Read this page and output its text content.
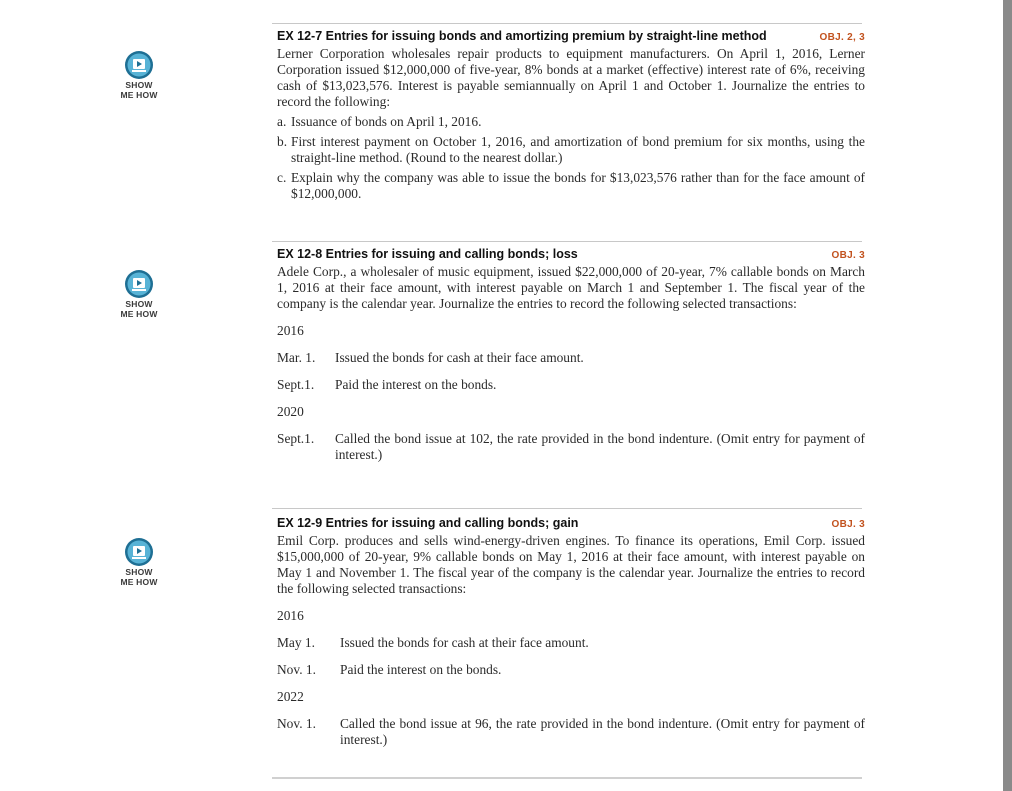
SHOW
ME HOW
EX 12-7 Entries for issuing bonds and amortizing premium by straight-line method	OBJ. 2, 3

Lerner Corporation wholesales repair products to equipment manufacturers. On April 1, 2016, Lerner Corporation issued $12,000,000 of five-year, 8% bonds at a market (effective) interest rate of 6%, receiving cash of $13,023,576. Interest is payable semiannually on April 1 and October 1. Journalize the entries to record the following:

a. Issuance of bonds on April 1, 2016.
b. First interest payment on October 1, 2016, and amortization of bond premium for six months, using the straight-line method. (Round to the nearest dollar.)
c. Explain why the company was able to issue the bonds for $13,023,576 rather than for the face amount of $12,000,000.
SHOW
ME HOW
EX 12-8 Entries for issuing and calling bonds; loss	OBJ. 3

Adele Corp., a wholesaler of music equipment, issued $22,000,000 of 20-year, 7% callable bonds on March 1, 2016 at their face amount, with interest payable on March 1 and September 1. The fiscal year of the company is the calendar year. Journalize the entries to record the following selected transactions:

2016
Mar. 1.	Issued the bonds for cash at their face amount.
Sept.1.	Paid the interest on the bonds.
2020
Sept.1.	Called the bond issue at 102, the rate provided in the bond indenture. (Omit entry for payment of interest.)
SHOW
ME HOW
EX 12-9 Entries for issuing and calling bonds; gain	OBJ. 3

Emil Corp. produces and sells wind-energy-driven engines. To finance its operations, Emil Corp. issued $15,000,000 of 20-year, 9% callable bonds on May 1, 2016 at their face amount, with interest payable on May 1 and November 1. The fiscal year of the company is the calendar year. Journalize the entries to record the following selected transactions:

2016
May 1.	Issued the bonds for cash at their face amount.
Nov. 1.	Paid the interest on the bonds.
2022
Nov. 1.	Called the bond issue at 96, the rate provided in the bond indenture. (Omit entry for payment of interest.)
